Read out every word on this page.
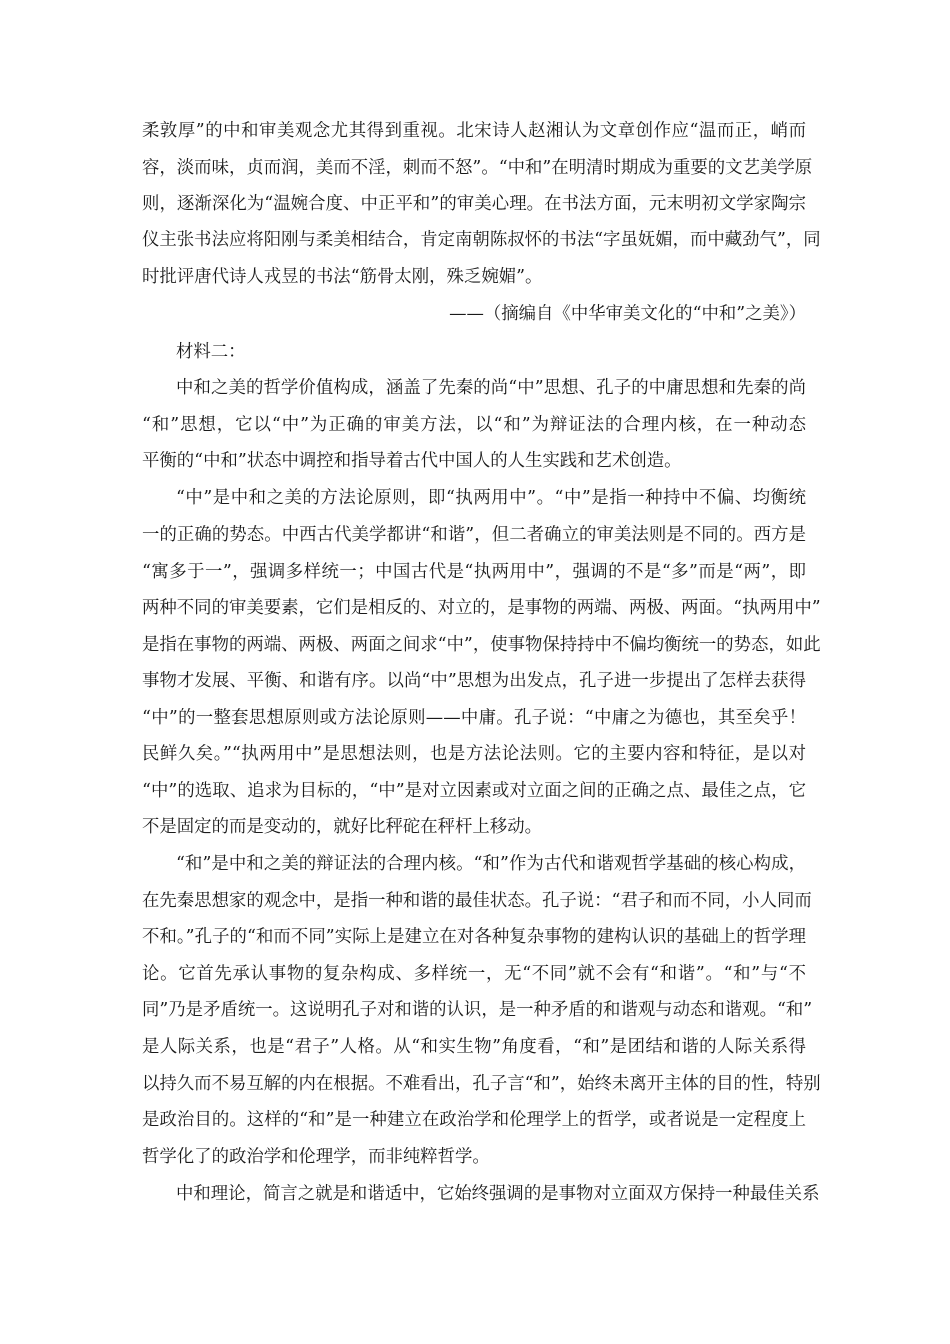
柔敦厚”的中和审美观念尤其得到重视。北宋诗人赵湘认为文章创作应“温而正，峭而
容，淡而味，贞而润，美而不淫，刺而不怒”。“中和”在明清时期成为重要的文艺美学原
则，逐渐深化为“温婉合度、中正平和”的审美心理。在书法方面，元末明初文学家陶宗
仪主张书法应将阳刚与柔美相结合，肯定南朝陈叔怀的书法“字虽妩媚，而中藏劲气”，同
时批评唐代诗人戎昱的书法“筋骨太刚，殊乏婉媚”。
——（摘编自《中华审美文化的“中和”之美》）
材料二：
中和之美的哲学价值构成，涵盖了先秦的尚“中”思想、孔子的中庸思想和先秦的尚
“和”思想，它以“中”为正确的审美方法，以“和”为辩证法的合理内核，在一种动态
平衡的“中和”状态中调控和指导着古代中国人的人生实践和艺术创造。
“中”是中和之美的方法论原则，即“执两用中”。“中”是指一种持中不偏、均衡统
一的正确的势态。中西古代美学都讲“和谐”，但二者确立的审美法则是不同的。西方是
“寓多于一”，强调多样统一；中国古代是“执两用中”，强调的不是“多”而是“两”，即
两种不同的审美要素，它们是相反的、对立的，是事物的两端、两极、两面。“执两用中”
是指在事物的两端、两极、两面之间求“中”，使事物保持持中不偏均衡统一的势态，如此
事物才发展、平衡、和谐有序。以尚“中”思想为出发点，孔子进一步提出了怎样去获得
“中”的一整套思想原则或方法论原则——中庸。孔子说：“中庸之为德也，其至矣乎！
民鲜久矣。”“执两用中”是思想法则，也是方法论法则。它的主要内容和特征，是以对
“中”的选取、追求为目标的，“中”是对立因素或对立面之间的正确之点、最佳之点，它
不是固定的而是变动的，就好比秤砣在秤杆上移动。
“和”是中和之美的辩证法的合理内核。“和”作为古代和谐观哲学基础的核心构成，
在先秦思想家的观念中，是指一种和谐的最佳状态。孔子说：“君子和而不同，小人同而
不和。”孔子的“和而不同”实际上是建立在对各种复杂事物的建构认识的基础上的哲学理
论。它首先承认事物的复杂构成、多样统一，无“不同”就不会有“和谐”。“和”与“不
同”乃是矛盾统一。这说明孔子对和谐的认识，是一种矛盾的和谐观与动态和谐观。“和”
是人际关系，也是“君子”人格。从“和实生物”角度看，“和”是团结和谐的人际关系得
以持久而不易互解的内在根据。不难看出，孔子言“和”，始终未离开主体的目的性，特别
是政治目的。这样的“和”是一种建立在政治学和伦理学上的哲学，或者说是一定程度上
哲学化了的政治学和伦理学，而非纯粹哲学。
中和理论，简言之就是和谐适中，它始终强调的是事物对立面双方保持一种最佳关系
